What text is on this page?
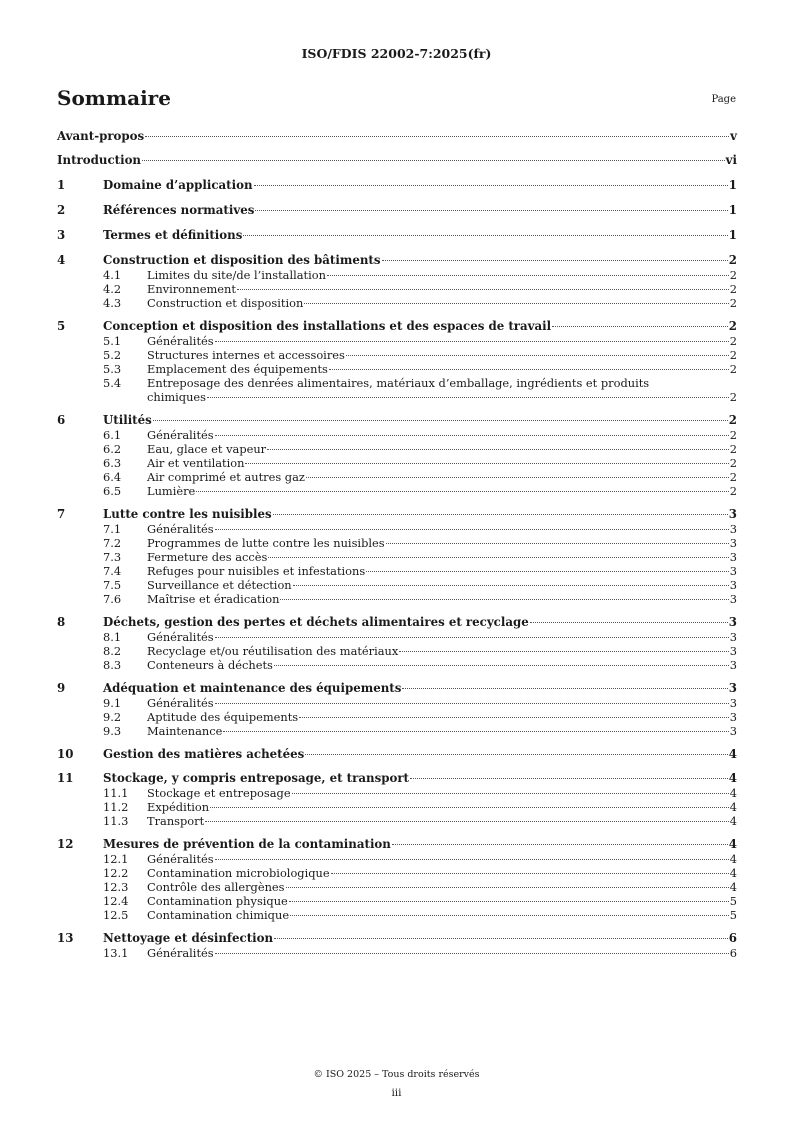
ISO/FDIS 22002-7:2025(fr)
Sommaire	Page
Avant-propos	v
Introduction	vi
1	Domaine d’application	1
2	Références normatives	1
3	Termes et définitions	1
4	Construction et disposition des bâtiments	2
4.1	Limites du site/de l’installation	2
4.2	Environnement	2
4.3	Construction et disposition	2
5	Conception et disposition des installations et des espaces de travail	2
5.1	Généralités	2
5.2	Structures internes et accessoires	2
5.3	Emplacement des équipements	2
5.4	Entreposage des denrées alimentaires, matériaux d’emballage, ingrédients et produits
chimiques	2
6	Utilités	2
6.1	Généralités	2
6.2	Eau, glace et vapeur	2
6.3	Air et ventilation	2
6.4	Air comprimé et autres gaz	2
6.5	Lumière	2
7	Lutte contre les nuisibles	3
7.1	Généralités	3
7.2	Programmes de lutte contre les nuisibles	3
7.3	Fermeture des accès	3
7.4	Refuges pour nuisibles et infestations	3
7.5	Surveillance et détection	3
7.6	Maîtrise et éradication	3
8	Déchets, gestion des pertes et déchets alimentaires et recyclage	3
8.1	Généralités	3
8.2	Recyclage et/ou réutilisation des matériaux	3
8.3	Conteneurs à déchets	3
9	Adéquation et maintenance des équipements	3
9.1	Généralités	3
9.2	Aptitude des équipements	3
9.3	Maintenance	3
10	Gestion des matières achetées	4
11	Stockage, y compris entreposage, et transport	4
11.1	Stockage et entreposage	4
11.2	Expédition	4
11.3	Transport	4
12	Mesures de prévention de la contamination	4
12.1	Généralités	4
12.2	Contamination microbiologique	4
12.3	Contrôle des allergènes	4
12.4	Contamination physique	5
12.5	Contamination chimique	5
13	Nettoyage et désinfection	6
13.1	Généralités	6
© ISO 2025 – Tous droits réservés
iii
